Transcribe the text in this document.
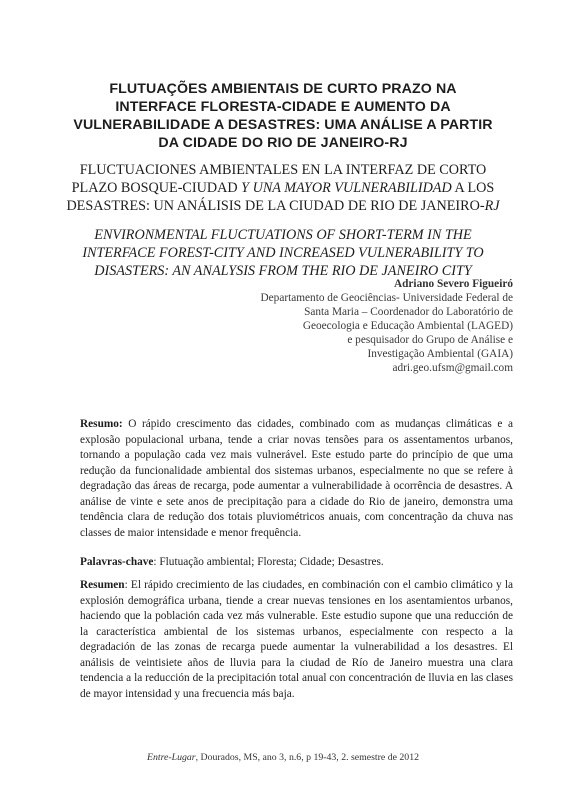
FLUTUAÇÕES AMBIENTAIS DE CURTO PRAZO NA
INTERFACE FLORESTA-CIDADE E AUMENTO DA
VULNERABILIDADE A DESASTRES: UMA ANÁLISE A PARTIR
DA CIDADE DO RIO DE JANEIRO-RJ
FLUCTUACIONES AMBIENTALES EN LA INTERFAZ DE CORTO
PLAZO BOSQUE-CIUDAD Y UNA MAYOR VULNERABILIDAD A LOS
DESASTRES: UN ANÁLISIS DE LA CIUDAD DE RIO DE JANEIRO-RJ
ENVIRONMENTAL FLUCTUATIONS OF SHORT-TERM IN THE
INTERFACE FOREST-CITY AND INCREASED VULNERABILITY TO
DISASTERS: AN ANALYSIS FROM THE RIO DE JANEIRO CITY
Adriano Severo Figueiró
Departamento de Geociências- Universidade Federal de
Santa Maria – Coordenador do Laboratório de
Geoecologia e Educação Ambiental (LAGED)
e pesquisador do Grupo de Análise e
Investigação Ambiental (GAIA)
adri.geo.ufsm@gmail.com

Resumo: O rápido crescimento das cidades, combinado com as mudanças climáticas e a explosão populacional urbana, tende a criar novas tensões para os assentamentos urbanos, tornando a população cada vez mais vulnerável. Este estudo parte do princípio de que uma redução da funcionalidade ambiental dos sistemas urbanos, especialmente no que se refere à degradação das áreas de recarga, pode aumentar a vulnerabilidade à ocorrência de desastres. A análise de vinte e sete anos de precipitação para a cidade do Rio de janeiro, demonstra uma tendência clara de redução dos totais pluviométricos anuais, com concentração da chuva nas classes de maior intensidade e menor frequência.

Palavras-chave: Flutuação ambiental; Floresta; Cidade; Desastres.

Resumen: El rápido crecimiento de las ciudades, en combinación con el cambio climático y la explosión demográfica urbana, tiende a crear nuevas tensiones en los asentamientos urbanos, haciendo que la población cada vez más vulnerable. Este estudio supone que una reducción de la característica ambiental de los sistemas urbanos, especialmente con respecto a la degradación de las zonas de recarga puede aumentar la vulnerabilidad a los desastres. El análisis de veintisiete años de lluvia para la ciudad de Río de Janeiro muestra una clara tendencia a la reducción de la precipitación total anual con concentración de lluvia en las clases de mayor intensidad y una frecuencia más baja.

Entre-Lugar, Dourados, MS, ano 3, n.6, p 19-43, 2. semestre de 2012
